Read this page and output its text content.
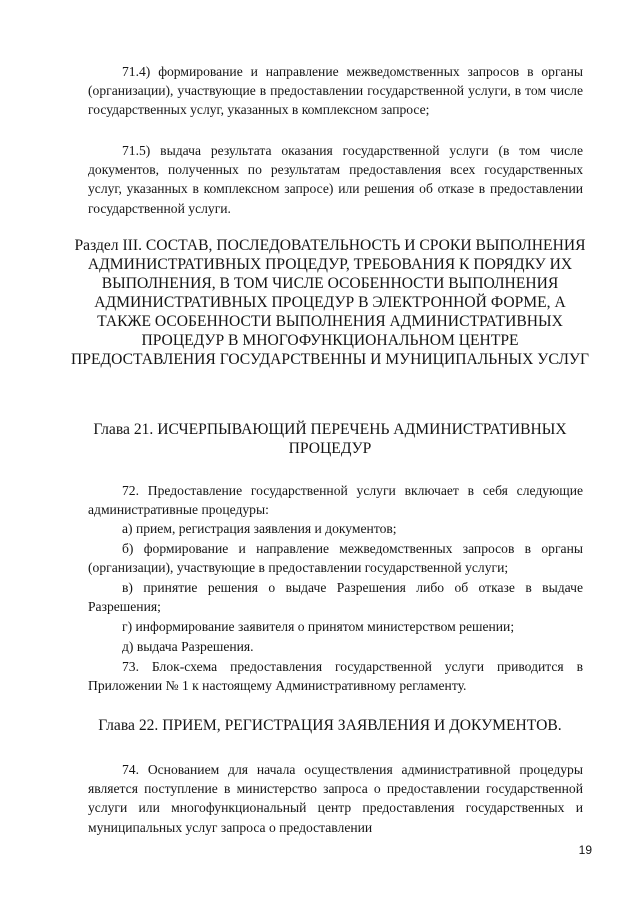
71.4) формирование и направление межведомственных запросов в органы (организации), участвующие в предоставлении государственной услуги, в том числе государственных услуг, указанных в комплексном запросе;

71.5) выдача результата оказания государственной услуги (в том числе документов, полученных по результатам предоставления всех государственных услуг, указанных в комплексном запросе) или решения об отказе в предоставлении государственной услуги.

Раздел III. СОСТАВ, ПОСЛЕДОВАТЕЛЬНОСТЬ И СРОКИ ВЫПОЛНЕНИЯ АДМИНИСТРАТИВНЫХ ПРОЦЕДУР, ТРЕБОВАНИЯ К ПОРЯДКУ ИХ ВЫПОЛНЕНИЯ, В ТОМ ЧИСЛЕ ОСОБЕННОСТИ ВЫПОЛНЕНИЯ АДМИНИСТРАТИВНЫХ ПРОЦЕДУР В ЭЛЕКТРОННОЙ ФОРМЕ, А ТАКЖЕ ОСОБЕННОСТИ ВЫПОЛНЕНИЯ АДМИНИСТРАТИВНЫХ ПРОЦЕДУР В МНОГОФУНКЦИОНАЛЬНОМ ЦЕНТРЕ ПРЕДОСТАВЛЕНИЯ ГОСУДАРСТВЕННЫ И МУНИЦИПАЛЬНЫХ УСЛУГ
Глава 21. ИСЧЕРПЫВАЮЩИЙ ПЕРЕЧЕНЬ АДМИНИСТРАТИВНЫХ ПРОЦЕДУР

72. Предоставление государственной услуги включает в себя следующие административные процедуры:

а) прием, регистрация заявления и документов;

б) формирование и направление межведомственных запросов в органы (организации), участвующие в предоставлении государственной услуги;

в) принятие решения о выдаче Разрешения либо об отказе в выдаче Разрешения;

г) информирование заявителя о принятом министерством решении;

д) выдача Разрешения.

73. Блок-схема предоставления государственной услуги приводится в Приложении № 1 к настоящему Административному регламенту.

Глава 22. ПРИЕМ, РЕГИСТРАЦИЯ ЗАЯВЛЕНИЯ И ДОКУМЕНТОВ.

74. Основанием для начала осуществления административной процедуры является поступление в министерство запроса о предоставлении государственной услуги или многофункциональный центр предоставления государственных и муниципальных услуг запроса о предоставлении

19
